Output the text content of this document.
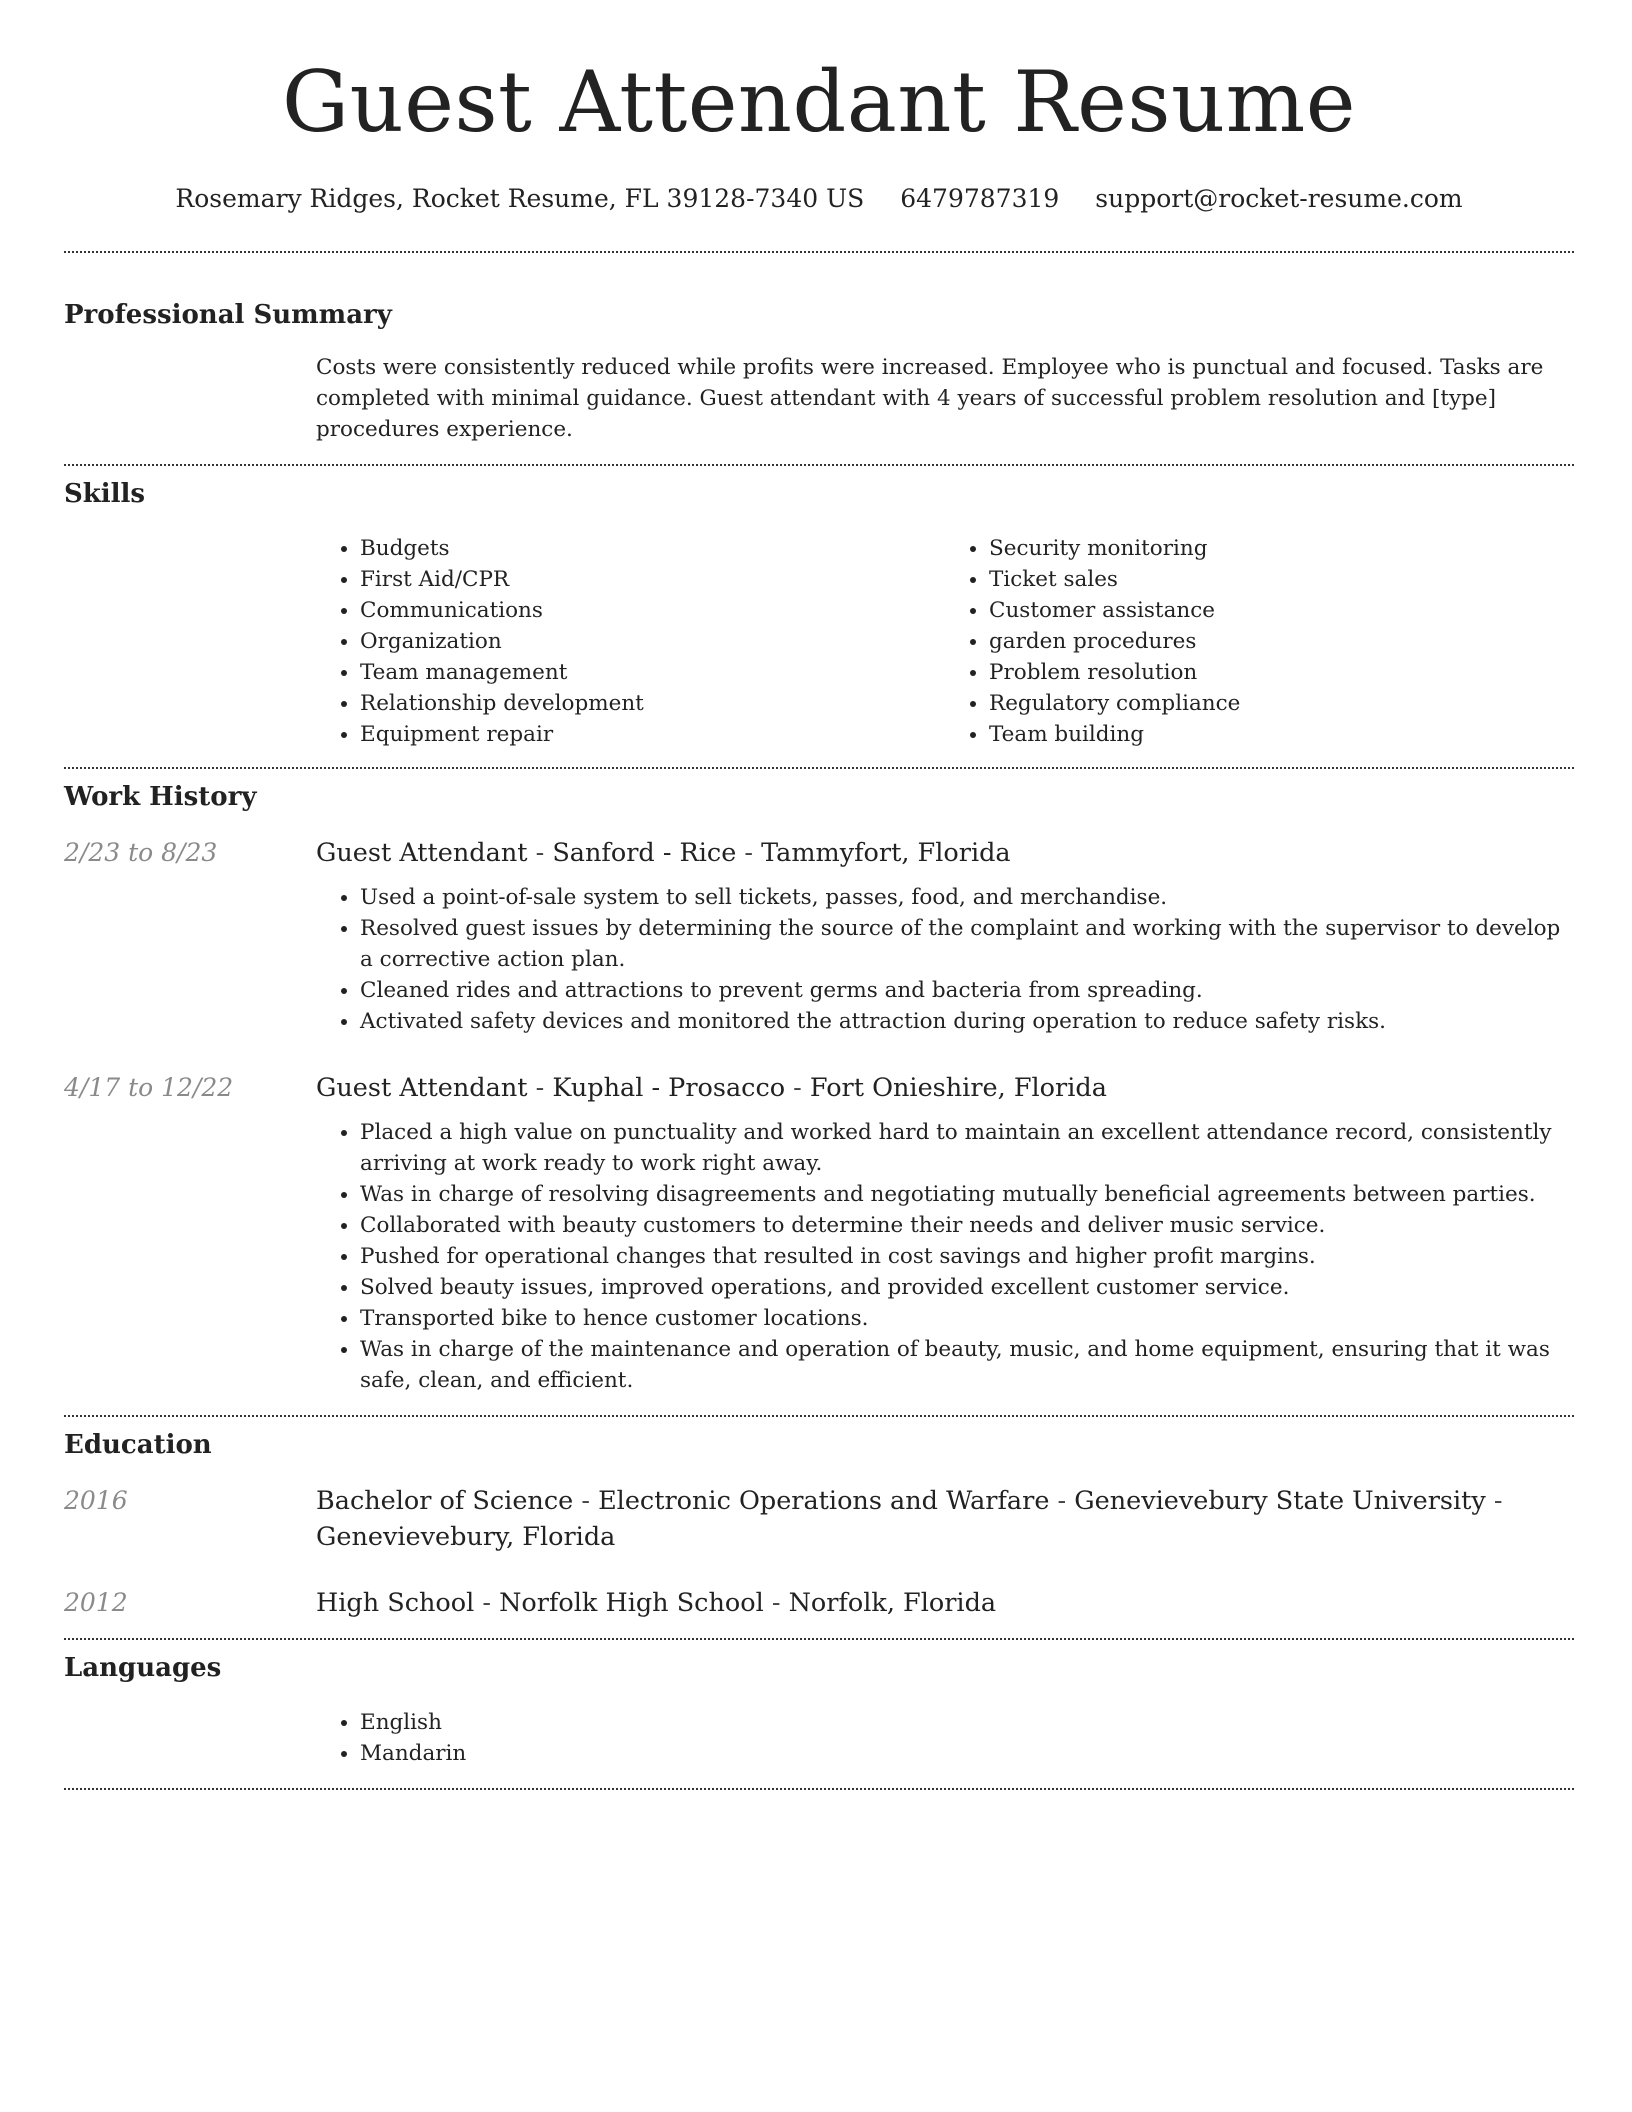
Guest Attendant Resume
Rosemary Ridges, Rocket Resume, FL 39128-7340 US 6479787319 support@rocket-resume.com
Professional Summary

Costs were consistently reduced while profits were increased. Employee who is punctual and focused. Tasks are completed with minimal guidance. Guest attendant with 4 years of successful problem resolution and [type] procedures experience.

Skills
• Budgets
• First Aid/CPR
• Communications
• Organization
• Team management
• Relationship development
• Equipment repair
• Security monitoring
• Ticket sales
• Customer assistance
• garden procedures
• Problem resolution
• Regulatory compliance
• Team building
Work History
2/23 to 8/23	Guest Attendant - Sanford - Rice - Tammyfort, Florida
• Used a point-of-sale system to sell tickets, passes, food, and merchandise.
• Resolved guest issues by determining the source of the complaint and working with the supervisor to develop a corrective action plan.
• Cleaned rides and attractions to prevent germs and bacteria from spreading.
• Activated safety devices and monitored the attraction during operation to reduce safety risks.
4/17 to 12/22	Guest Attendant - Kuphal - Prosacco - Fort Onieshire, Florida
• Placed a high value on punctuality and worked hard to maintain an excellent attendance record, consistently arriving at work ready to work right away.
• Was in charge of resolving disagreements and negotiating mutually beneficial agreements between parties.
• Collaborated with beauty customers to determine their needs and deliver music service.
• Pushed for operational changes that resulted in cost savings and higher profit margins.
• Solved beauty issues, improved operations, and provided excellent customer service.
• Transported bike to hence customer locations.
• Was in charge of the maintenance and operation of beauty, music, and home equipment, ensuring that it was safe, clean, and efficient.
Education
2016	Bachelor of Science - Electronic Operations and Warfare - Genevievebury State University - Genevievebury, Florida
2012	High School - Norfolk High School - Norfolk, Florida
Languages
• English
• Mandarin
